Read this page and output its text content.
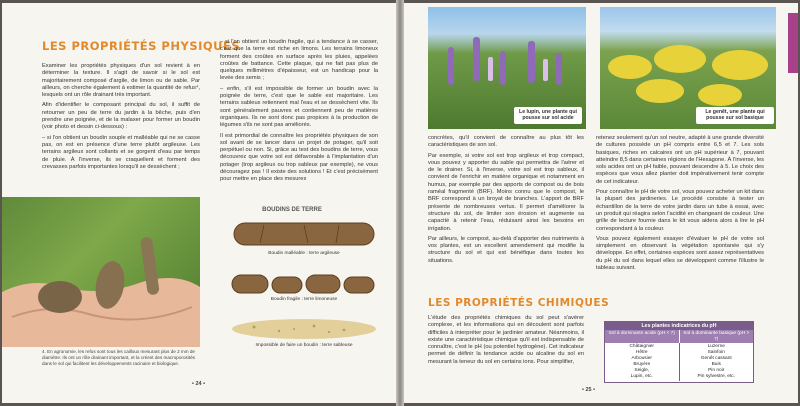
LES PROPRIÉTÉS PHYSIQUES

Examiner les propriétés physiques d'un sol revient à en déterminer la texture. Il s'agit de savoir si le sol est majoritairement composé d'argile, de limon ou de sable. Par ailleurs, on cherche également à estimer la quantité de refus⁴, lesquels ont un rôle drainant très important.

Afin d'identifier le composant principal du sol, il suffit de retourner un peu de terre du jardin à la bêche, puis d'en prendre une poignée, et de la malaxer pour former un boudin (voir photo et dessin ci-dessous) :

– si l'on obtient un boudin souple et malléable qui ne se casse pas, on est en présence d'une terre plutôt argileuse. Les terrains argileux sont collants et se gorgent d'eau par temps de pluie. À l'inverse, ils se craquellent et forment des crevasses parfois importantes lorsqu'il se dessèchent ;

– si l'on obtient un boudin fragile, qui a tendance à se casser, c'est que la terre est riche en limons. Les terrains limoneux forment des croûtes en surface après les pluies, appelées croûtes de battance. Cette plaque, qui ne fait pas plus de quelques millimètres d'épaisseur, est un handicap pour la levée des semis ;

– enfin, s'il est impossible de former un boudin avec la poignée de terre, c'est que le sable est majoritaire. Les terrains sableux retiennent mal l'eau et se dessèchent vite. Ils sont généralement pauvres et contiennent peu de matières organiques. Ils ne sont donc pas propices à la production de légumes s'ils ne sont pas améliorés.

Il est primordial de connaître les propriétés physiques de son sol avant de se lancer dans un projet de potager, qu'il soit perpétuel ou non. Si, grâce au test des boudins de terre, vous découvrez que votre sol est défavorable à l'implantation d'un potager (trop argileux ou trop sableux par exemple), ne vous découragez pas ! Il existe des solutions ! Et c'est précisément pour mettre en place des mesures

4. En agronomie, les refus sont tous les cailloux mesurant plus de 2 mm de diamètre. Ils ont un rôle drainant important, et la créent des macroporosités dans le sol qui facilitent les développements racinaire et biologique.
BOUDINS DE TERRE
Boudin malléable : terre argileuse
Boudin fragile : terre limoneuse
Impossible de faire un boudin : terre sableuse
• 24 •
Le lupin, une plante qui pousse sur sol acide
Le genêt, une plante qui pousse sur sol basique

concrètes, qu'il convient de connaître au plus tôt les caractéristiques de son sol.

Par exemple, si votre sol est trop argileux et trop compact, vous pouvez y apporter du sable qui permettra de l'aérer et de le drainer. Si, à l'inverse, votre sol est trop sableux, il convient de l'enrichir en matière organique et notamment en humus, par exemple par des apports de compost ou de bois raméal fragmenté (BRF). Moins connu que le compost, le BRF correspond à un broyat de branches. L'apport de BRF présente de nombreuses vertus. Il permet d'améliorer la structure du sol, de limiter son érosion et augmente sa capacité à retenir l'eau, réduisant ainsi les besoins en irrigation.

Par ailleurs, le compost, au-delà d'apporter des nutriments à vos plantes, est un excellent amendement qui modifie la structure du sol et qui est bénéfique dans toutes les situations.

LES PROPRIÉTÉS CHIMIQUES

L'étude des propriétés chimiques du sol peut s'avérer complexe, et les informations qui en découlent sont parfois difficiles à interpréter pour le jardinier amateur. Néanmoins, il existe une caractéristique chimique qu'il est indispensable de connaître, c'est le pH (ou potentiel hydrogène). Cet indicateur permet de définir la tendance acide ou alcaline du sol en mesurant la teneur du sol en certains ions. Pour simplifier,

retenez seulement qu'un sol neutre, adapté à une grande diversité de cultures possède un pH compris entre 6,5 et 7. Les sols basiques, riches en calcaires ont un pH supérieur à 7, pouvant atteindre 8,5 dans certaines régions de l'Hexagone. À l'inverse, les sols acides ont un pH faible, pouvant descendre à 5. Le choix des espèces que vous allez planter doit impérativement tenir compte de cet indicateur.

Pour connaître le pH de votre sol, vous pouvez acheter un kit dans la plupart des jardineries. Le procédé consiste à tester un échantillon de la terre de votre jardin dans un tube à essai, avec un produit qui réagira selon l'acidité en changeant de couleur. Une grille de lecture fournie dans le kit vous aidera alors à lire le pH correspondant à la couleur.

Vous pouvez également essayer d'évaluer le pH de votre sol simplement en observant la végétation spontanée qui s'y développe. En effet, certaines espèces sont assez représentatives du pH du sol dans lequel elles se développent comme l'illustre le tableau suivant.

Les plantes indicatrices du pH
Sol à dominante acide (pH < 7)	Sol à dominante basique (pH > 7)
Châtaignier
Hêtre
Arbousier
Bruyère
Seigle,
Lupin, etc.
Luzerne
Sainfoin
Genêt cassant
Buis
Pin noir
Pin sylvestre, etc.
• 25 •
